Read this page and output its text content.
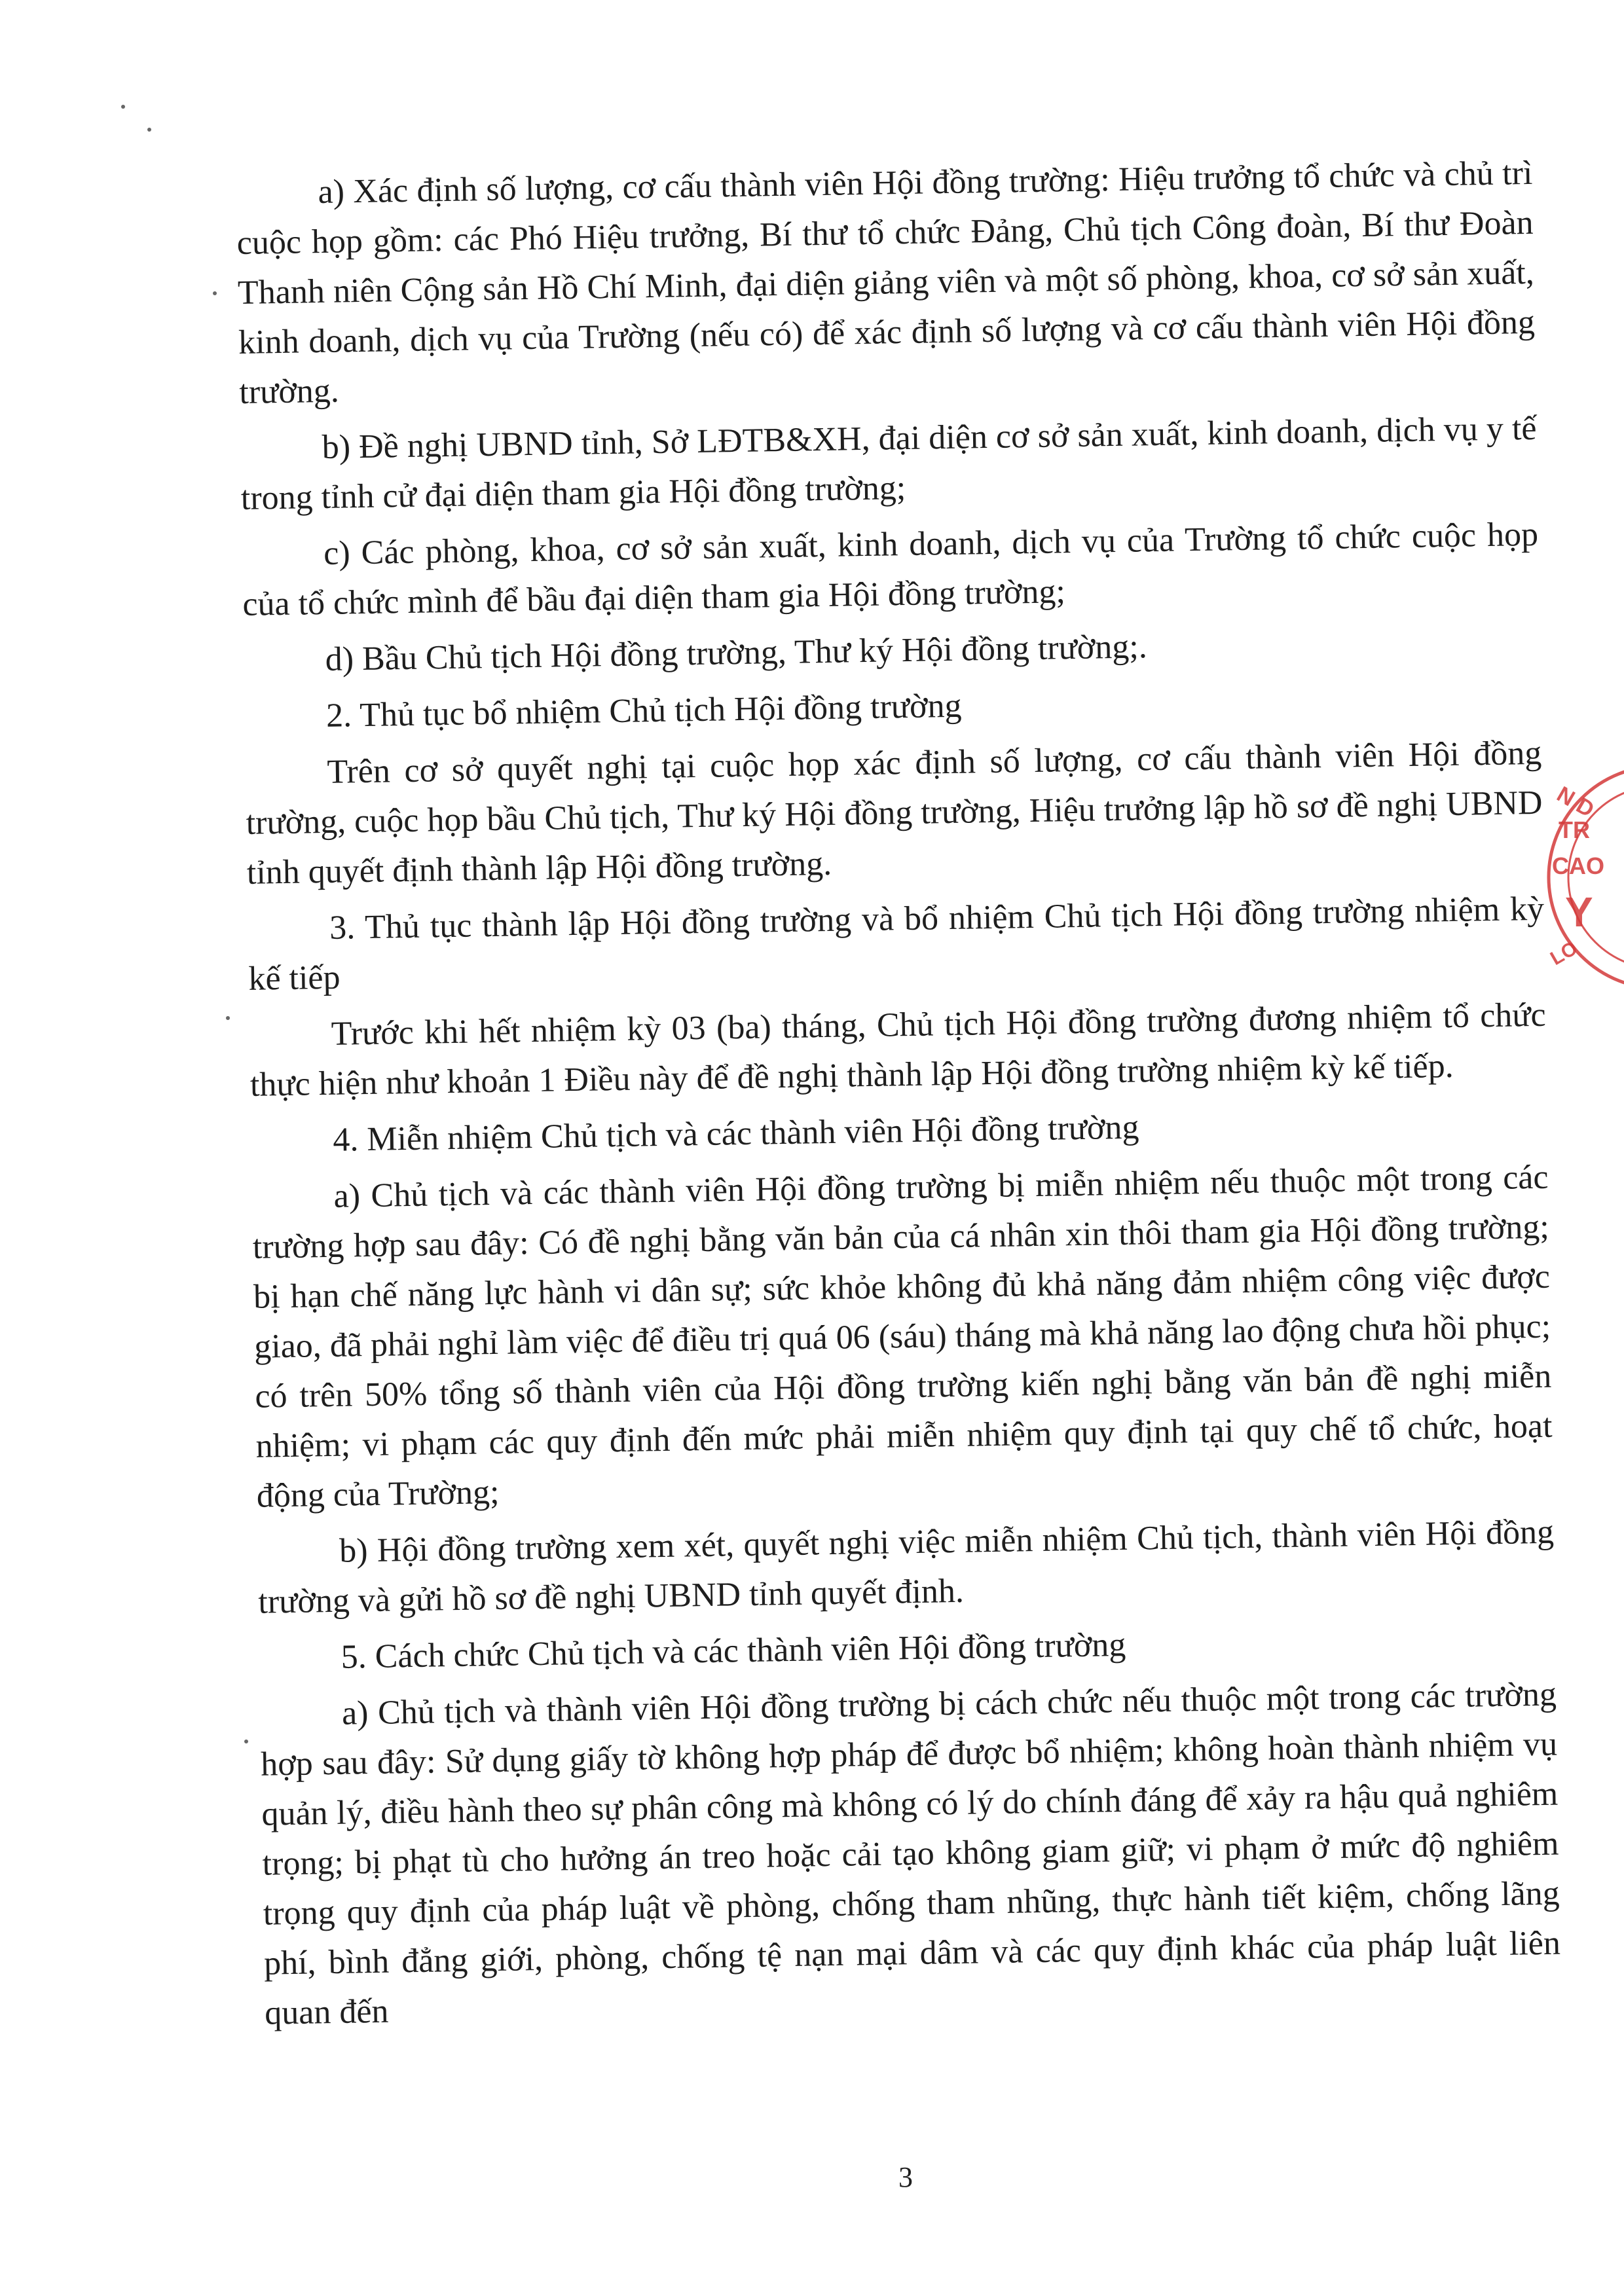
a) Xác định số lượng, cơ cấu thành viên Hội đồng trường: Hiệu trưởng tổ chức và chủ trì cuộc họp gồm: các Phó Hiệu trưởng, Bí thư tổ chức Đảng, Chủ tịch Công đoàn, Bí thư Đoàn Thanh niên Cộng sản Hồ Chí Minh, đại diện giảng viên và một số phòng, khoa, cơ sở sản xuất, kinh doanh, dịch vụ của Trường (nếu có) để xác định số lượng và cơ cấu thành viên Hội đồng trường.

b) Đề nghị UBND tỉnh, Sở LĐTB&XH, đại diện cơ sở sản xuất, kinh doanh, dịch vụ y tế trong tỉnh cử đại diện tham gia Hội đồng trường;

c) Các phòng, khoa, cơ sở sản xuất, kinh doanh, dịch vụ của Trường tổ chức cuộc họp của tổ chức mình để bầu đại diện tham gia Hội đồng trường;

d) Bầu Chủ tịch Hội đồng trường, Thư ký Hội đồng trường;.

2. Thủ tục bổ nhiệm Chủ tịch Hội đồng trường

Trên cơ sở quyết nghị tại cuộc họp xác định số lượng, cơ cấu thành viên Hội đồng trường, cuộc họp bầu Chủ tịch, Thư ký Hội đồng trường, Hiệu trưởng lập hồ sơ đề nghị UBND tỉnh quyết định thành lập Hội đồng trường.

3. Thủ tục thành lập Hội đồng trường và bổ nhiệm Chủ tịch Hội đồng trường nhiệm kỳ kế tiếp

Trước khi hết nhiệm kỳ 03 (ba) tháng, Chủ tịch Hội đồng trường đương nhiệm tổ chức thực hiện như khoản 1 Điều này để đề nghị thành lập Hội đồng trường nhiệm kỳ kế tiếp.

4. Miễn nhiệm Chủ tịch và các thành viên Hội đồng trường

a) Chủ tịch và các thành viên Hội đồng trường bị miễn nhiệm nếu thuộc một trong các trường hợp sau đây: Có đề nghị bằng văn bản của cá nhân xin thôi tham gia Hội đồng trường; bị hạn chế năng lực hành vi dân sự; sức khỏe không đủ khả năng đảm nhiệm công việc được giao, đã phải nghỉ làm việc để điều trị quá 06 (sáu) tháng mà khả năng lao động chưa hồi phục; có trên 50% tổng số thành viên của Hội đồng trường kiến nghị bằng văn bản đề nghị miễn nhiệm; vi phạm các quy định đến mức phải miễn nhiệm quy định tại quy chế tổ chức, hoạt động của Trường;

b) Hội đồng trường xem xét, quyết nghị việc miễn nhiệm Chủ tịch, thành viên Hội đồng trường và gửi hồ sơ đề nghị UBND tỉnh quyết định.

5. Cách chức Chủ tịch và các thành viên Hội đồng trường

a) Chủ tịch và thành viên Hội đồng trường bị cách chức nếu thuộc một trong các trường hợp sau đây: Sử dụng giấy tờ không hợp pháp để được bổ nhiệm; không hoàn thành nhiệm vụ quản lý, điều hành theo sự phân công mà không có lý do chính đáng để xảy ra hậu quả nghiêm trọng; bị phạt tù cho hưởng án treo hoặc cải tạo không giam giữ; vi phạm ở mức độ nghiêm trọng quy định của pháp luật về phòng, chống tham nhũng, thực hành tiết kiệm, chống lãng phí, bình đẳng giới, phòng, chống tệ nạn mại dâm và các quy định khác của pháp luật liên quan đến

3
N D
TR
CAO
Y
LO
